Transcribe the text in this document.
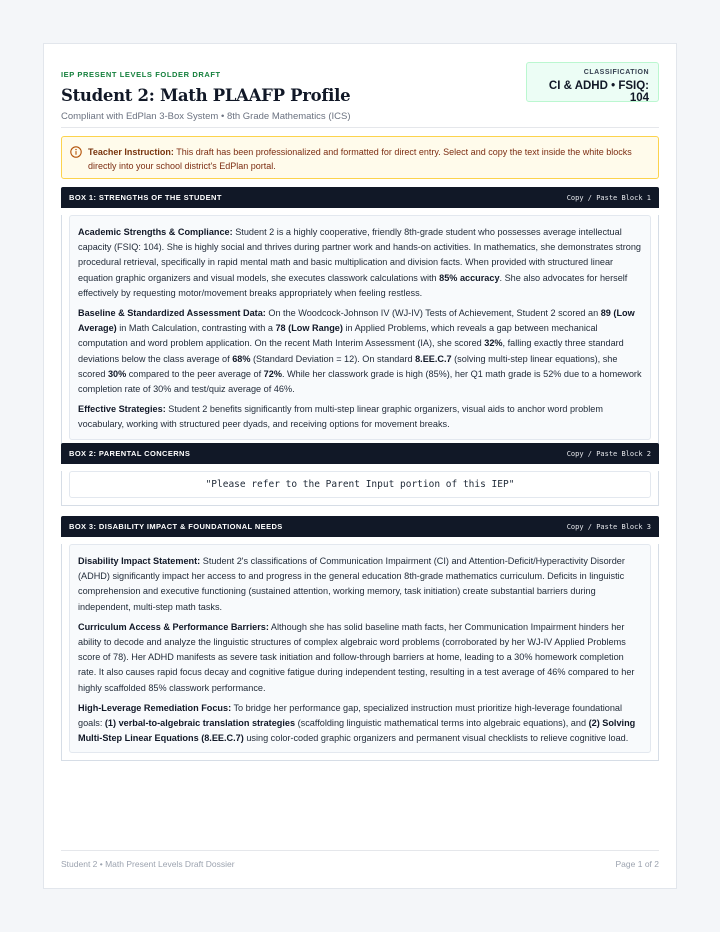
IEP PRESENT LEVELS FOLDER DRAFT
Student 2: Math PLAAFP Profile
Compliant with EdPlan 3-Box System • 8th Grade Mathematics (ICS)
CLASSIFICATION
CI & ADHD • FSIQ: 104
Teacher Instruction: This draft has been professionalized and formatted for direct entry. Select and copy the text inside the white blocks directly into your school district's EdPlan portal.
BOX 1: STRENGTHS OF THE STUDENT	Copy / Paste Block 1

Academic Strengths & Compliance: Student 2 is a highly cooperative, friendly 8th-grade student who possesses average intellectual capacity (FSIQ: 104). She is highly social and thrives during partner work and hands-on activities. In mathematics, she demonstrates strong procedural retrieval, specifically in rapid mental math and basic multiplication and division facts. When provided with structured linear equation graphic organizers and visual models, she executes classwork calculations with 85% accuracy. She also advocates for herself effectively by requesting motor/movement breaks appropriately when feeling restless.

Baseline & Standardized Assessment Data: On the Woodcock-Johnson IV (WJ-IV) Tests of Achievement, Student 2 scored an 89 (Low Average) in Math Calculation, contrasting with a 78 (Low Range) in Applied Problems, which reveals a gap between mechanical computation and word problem application. On the recent Math Interim Assessment (IA), she scored 32%, falling exactly three standard deviations below the class average of 68% (Standard Deviation = 12). On standard 8.EE.C.7 (solving multi-step linear equations), she scored 30% compared to the peer average of 72%. While her classwork grade is high (85%), her Q1 math grade is 52% due to a homework completion rate of 30% and test/quiz average of 46%.

Effective Strategies: Student 2 benefits significantly from multi-step linear graphic organizers, visual aids to anchor word problem vocabulary, working with structured peer dyads, and receiving options for movement breaks.

BOX 2: PARENTAL CONCERNS	Copy / Paste Block 2
"Please refer to the Parent Input portion of this IEP"
BOX 3: DISABILITY IMPACT & FOUNDATIONAL NEEDS	Copy / Paste Block 3

Disability Impact Statement: Student 2's classifications of Communication Impairment (CI) and Attention-Deficit/Hyperactivity Disorder (ADHD) significantly impact her access to and progress in the general education 8th-grade mathematics curriculum. Deficits in linguistic comprehension and executive functioning (sustained attention, working memory, task initiation) create substantial barriers during independent, multi-step math tasks.

Curriculum Access & Performance Barriers: Although she has solid baseline math facts, her Communication Impairment hinders her ability to decode and analyze the linguistic structures of complex algebraic word problems (corroborated by her WJ-IV Applied Problems score of 78). Her ADHD manifests as severe task initiation and follow-through barriers at home, leading to a 30% homework completion rate. It also causes rapid focus decay and cognitive fatigue during independent testing, resulting in a test average of 46% compared to her highly scaffolded 85% classwork performance.

High-Leverage Remediation Focus: To bridge her performance gap, specialized instruction must prioritize high-leverage foundational goals: (1) verbal-to-algebraic translation strategies (scaffolding linguistic mathematical terms into algebraic equations), and (2) Solving Multi-Step Linear Equations (8.EE.C.7) using color-coded graphic organizers and permanent visual checklists to relieve cognitive load.

Student 2 • Math Present Levels Draft Dossier	Page 1 of 2
